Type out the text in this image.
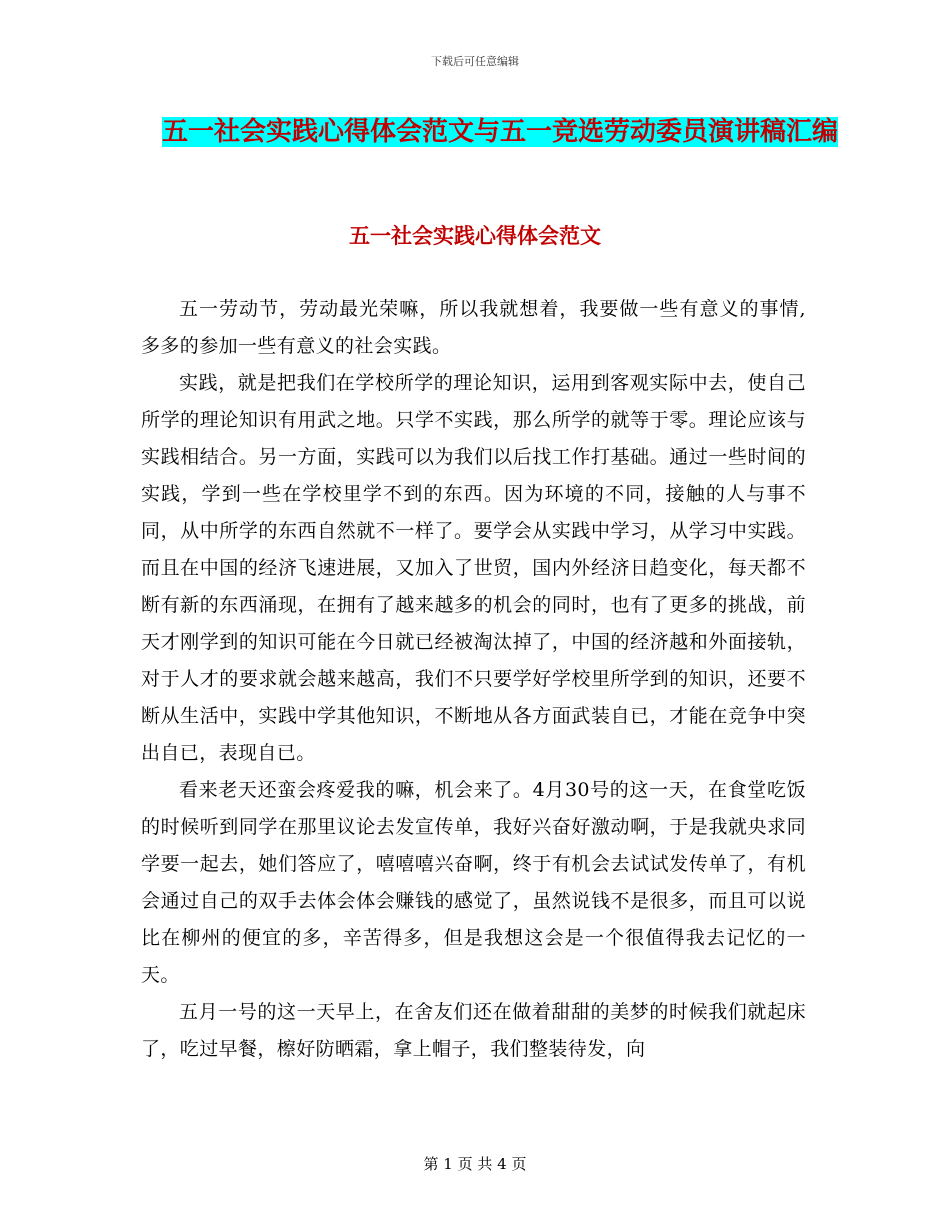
下载后可任意编辑

五一社会实践心得体会范文与五一竞选劳动委员演讲稿汇编
五一社会实践心得体会范文

五一劳动节，劳动最光荣嘛，所以我就想着，我要做一些有意义的事情,多多的参加一些有意义的社会实践。

实践，就是把我们在学校所学的理论知识，运用到客观实际中去，使自己所学的理论知识有用武之地。只学不实践，那么所学的就等于零。理论应该与实践相结合。另一方面，实践可以为我们以后找工作打基础。通过一些时间的实践，学到一些在学校里学不到的东西。因为环境的不同，接触的人与事不同，从中所学的东西自然就不一样了。要学会从实践中学习，从学习中实践。而且在中国的经济飞速进展，又加入了世贸，国内外经济日趋变化，每天都不断有新的东西涌现，在拥有了越来越多的机会的同时，也有了更多的挑战，前天才刚学到的知识可能在今日就已经被淘汰掉了，中国的经济越和外面接轨，对于人才的要求就会越来越高，我们不只要学好学校里所学到的知识，还要不断从生活中，实践中学其他知识，不断地从各方面武装自已，才能在竞争中突出自已，表现自已。

看来老天还蛮会疼爱我的嘛，机会来了。4月30号的这一天，在食堂吃饭的时候听到同学在那里议论去发宣传单，我好兴奋好激动啊，于是我就央求同学要一起去，她们答应了，嘻嘻嘻兴奋啊，终于有机会去试试发传单了，有机会通过自己的双手去体会体会赚钱的感觉了，虽然说钱不是很多，而且可以说比在柳州的便宜的多，辛苦得多，但是我想这会是一个很值得我去记忆的一天。

五月一号的这一天早上，在舍友们还在做着甜甜的美梦的时候我们就起床了，吃过早餐，檫好防晒霜，拿上帽子，我们整装待发，向

第 1 页 共 4 页
